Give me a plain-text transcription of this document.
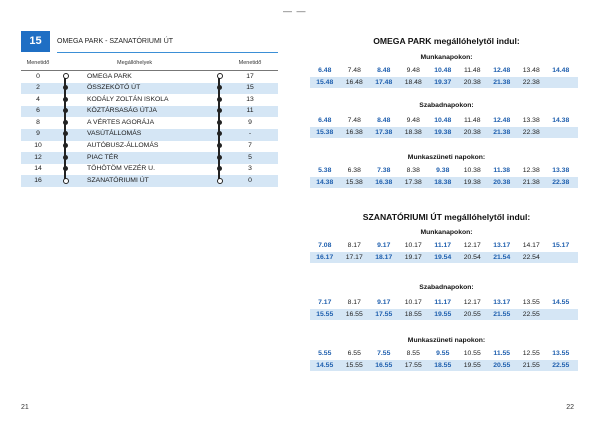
— —
15	OMEGA PARK - SZANATÓRIUMI ÚT
Menetidő	Megállóhelyek	Menetidő
0	OMEGA PARK	17
2	ÖSSZEKÖTŐ ÚT	15
4	KODÁLY ZOLTÁN ISKOLA	13
6	KÖZTÁRSASÁG ÚTJA	11
8	A VÉRTES AGORÁJA	9
9	VASÚTÁLLOMÁS	-
10	AUTÓBUSZ-ÁLLOMÁS	7
12	PIAC TÉR	5
14	TÖHÖTÖM VEZÉR U.	3
16	SZANATÓRIUMI ÚT	0
21	22
OMEGA PARK megállóhelytől indul:
Munkanapokon:
6.48	7.48	8.48	9.48	10.48	11.48	12.48	13.48	14.48
15.48	16.48	17.48	18.48	19.37	20.38	21.38	22.38
Szabadnapokon:
6.48	7.48	8.48	9.48	10.48	11.48	12.48	13.38	14.38
15.38	16.38	17.38	18.38	19.38	20.38	21.38	22.38
Munkaszüneti napokon:
5.38	6.38	7.38	8.38	9.38	10.38	11.38	12.38	13.38
14.38	15.38	16.38	17.38	18.38	19.38	20.38	21.38	22.38
SZANATÓRIUMI ÚT megállóhelytől indul:
Munkanapokon:
7.08	8.17	9.17	10.17	11.17	12.17	13.17	14.17	15.17
16.17	17.17	18.17	19.17	19.54	20.54	21.54	22.54
Szabadnapokon:
7.17	8.17	9.17	10.17	11.17	12.17	13.17	13.55	14.55
15.55	16.55	17.55	18.55	19.55	20.55	21.55	22.55
Munkaszüneti napokon:
5.55	6.55	7.55	8.55	9.55	10.55	11.55	12.55	13.55
14.55	15.55	16.55	17.55	18.55	19.55	20.55	21.55	22.55
